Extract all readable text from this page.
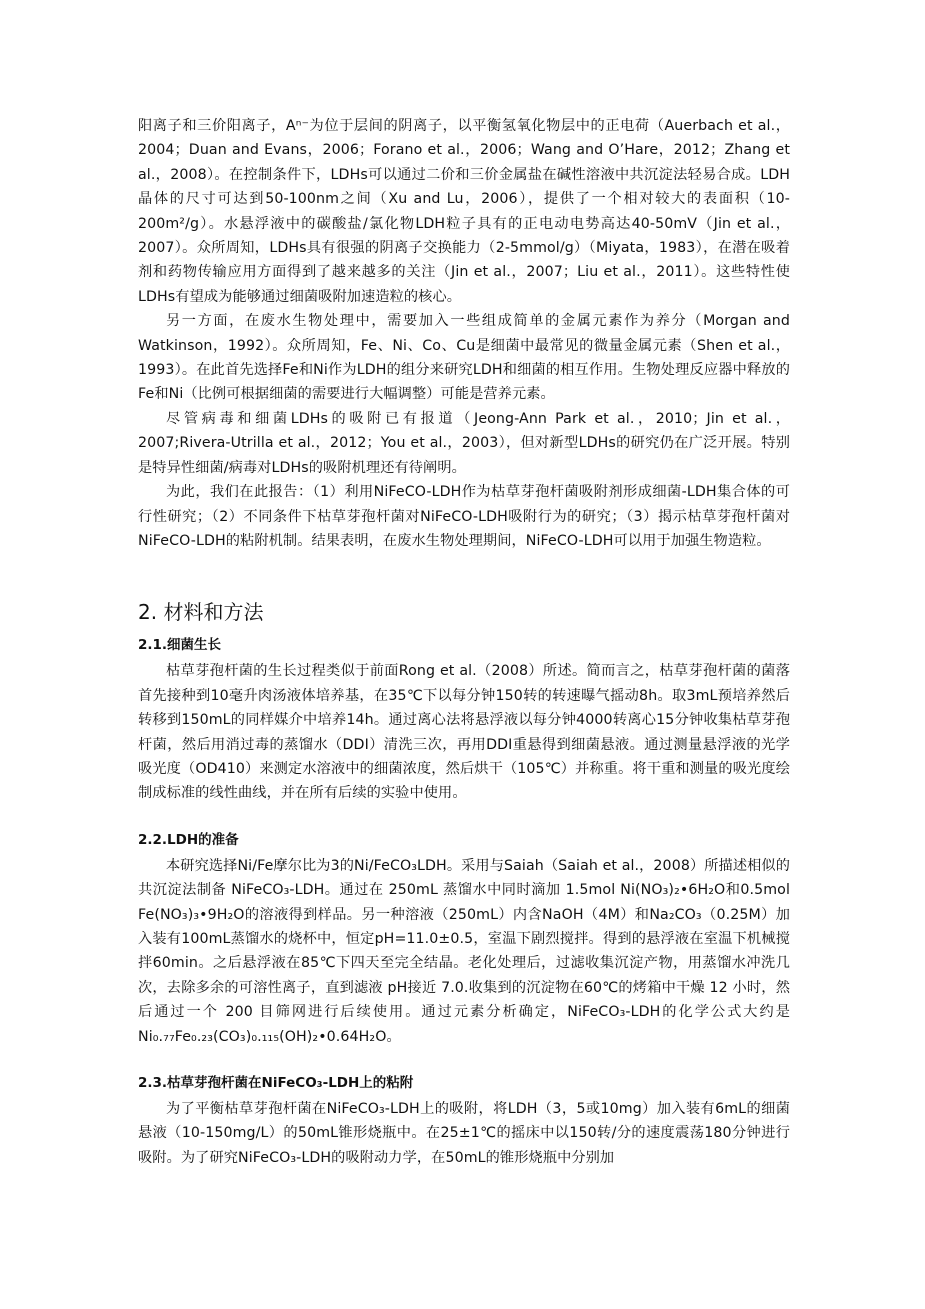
阳离子和三价阳离子，Aⁿ⁻为位于层间的阴离子，以平衡氢氧化物层中的正电荷（Auerbach et al.，2004；Duan and Evans，2006；Forano et al.，2006；Wang and O’Hare，2012；Zhang et al.，2008）。在控制条件下，LDHs可以通过二价和三价金属盐在碱性溶液中共沉淀法轻易合成。LDH晶体的尺寸可达到50-100nm之间（Xu and Lu，2006），提供了一个相对较大的表面积（10-200m²/g）。水悬浮液中的碳酸盐/氯化物LDH粒子具有的正电动电势高达40-50mV（Jin et al.，2007）。众所周知，LDHs具有很强的阴离子交换能力（2-5mmol/g）（Miyata，1983），在潜在吸着剂和药物传输应用方面得到了越来越多的关注（Jin et al.，2007；Liu et al.，2011）。这些特性使LDHs有望成为能够通过细菌吸附加速造粒的核心。

另一方面，在废水生物处理中，需要加入一些组成简单的金属元素作为养分（Morgan and Watkinson，1992）。众所周知，Fe、Ni、Co、Cu是细菌中最常见的微量金属元素（Shen et al.，1993）。在此首先选择Fe和Ni作为LDH的组分来研究LDH和细菌的相互作用。生物处理反应器中释放的Fe和Ni（比例可根据细菌的需要进行大幅调整）可能是营养元素。

尽管病毒和细菌LDHs的吸附已有报道（Jeong-Ann Park et al.，2010；Jin et al.，2007;Rivera-Utrilla et al.，2012；You et al.，2003），但对新型LDHs的研究仍在广泛开展。特别是特异性细菌/病毒对LDHs的吸附机理还有待阐明。

为此，我们在此报告：（1）利用NiFeCO-LDH作为枯草芽孢杆菌吸附剂形成细菌-LDH集合体的可行性研究；（2）不同条件下枯草芽孢杆菌对NiFeCO-LDH吸附行为的研究；（3）揭示枯草芽孢杆菌对NiFeCO-LDH的粘附机制。结果表明，在废水生物处理期间，NiFeCO-LDH可以用于加强生物造粒。

2. 材料和方法
2.1.细菌生长

枯草芽孢杆菌的生长过程类似于前面Rong et al.（2008）所述。简而言之，枯草芽孢杆菌的菌落首先接种到10毫升肉汤液体培养基，在35℃下以每分钟150转的转速曝气摇动8h。取3mL预培养然后转移到150mL的同样媒介中培养14h。通过离心法将悬浮液以每分钟4000转离心15分钟收集枯草芽孢杆菌，然后用消过毒的蒸馏水（DDI）清洗三次，再用DDI重悬得到细菌悬液。通过测量悬浮液的光学吸光度（OD410）来测定水溶液中的细菌浓度，然后烘干（105℃）并称重。将干重和测量的吸光度绘制成标准的线性曲线，并在所有后续的实验中使用。

2.2.LDH的准备

本研究选择Ni/Fe摩尔比为3的Ni/FeCO₃LDH。采用与Saiah（Saiah et al.，2008）所描述相似的共沉淀法制备 NiFeCO₃-LDH。通过在 250mL 蒸馏水中同时滴加 1.5mol Ni(NO₃)₂•6H₂O和0.5mol Fe(NO₃)₃•9H₂O的溶液得到样品。另一种溶液（250mL）内含NaOH（4M）和Na₂CO₃（0.25M）加入装有100mL蒸馏水的烧杯中，恒定pH=11.0±0.5，室温下剧烈搅拌。得到的悬浮液在室温下机械搅拌60min。之后悬浮液在85℃下四天至完全结晶。老化处理后，过滤收集沉淀产物，用蒸馏水冲洗几次，去除多余的可溶性离子，直到滤液 pH接近 7.0.收集到的沉淀物在60℃的烤箱中干燥 12 小时，然后通过一个 200 目筛网进行后续使用。通过元素分析确定，NiFeCO₃-LDH的化学公式大约是 Ni₀.₇₇Fe₀.₂₃(CO₃)₀.₁₁₅(OH)₂•0.64H₂O。

2.3.枯草芽孢杆菌在NiFeCO₃-LDH上的粘附

为了平衡枯草芽孢杆菌在NiFeCO₃-LDH上的吸附，将LDH（3，5或10mg）加入装有6mL的细菌悬液（10-150mg/L）的50mL锥形烧瓶中。在25±1℃的摇床中以150转/分的速度震荡180分钟进行吸附。为了研究NiFeCO₃-LDH的吸附动力学，在50mL的锥形烧瓶中分别加
